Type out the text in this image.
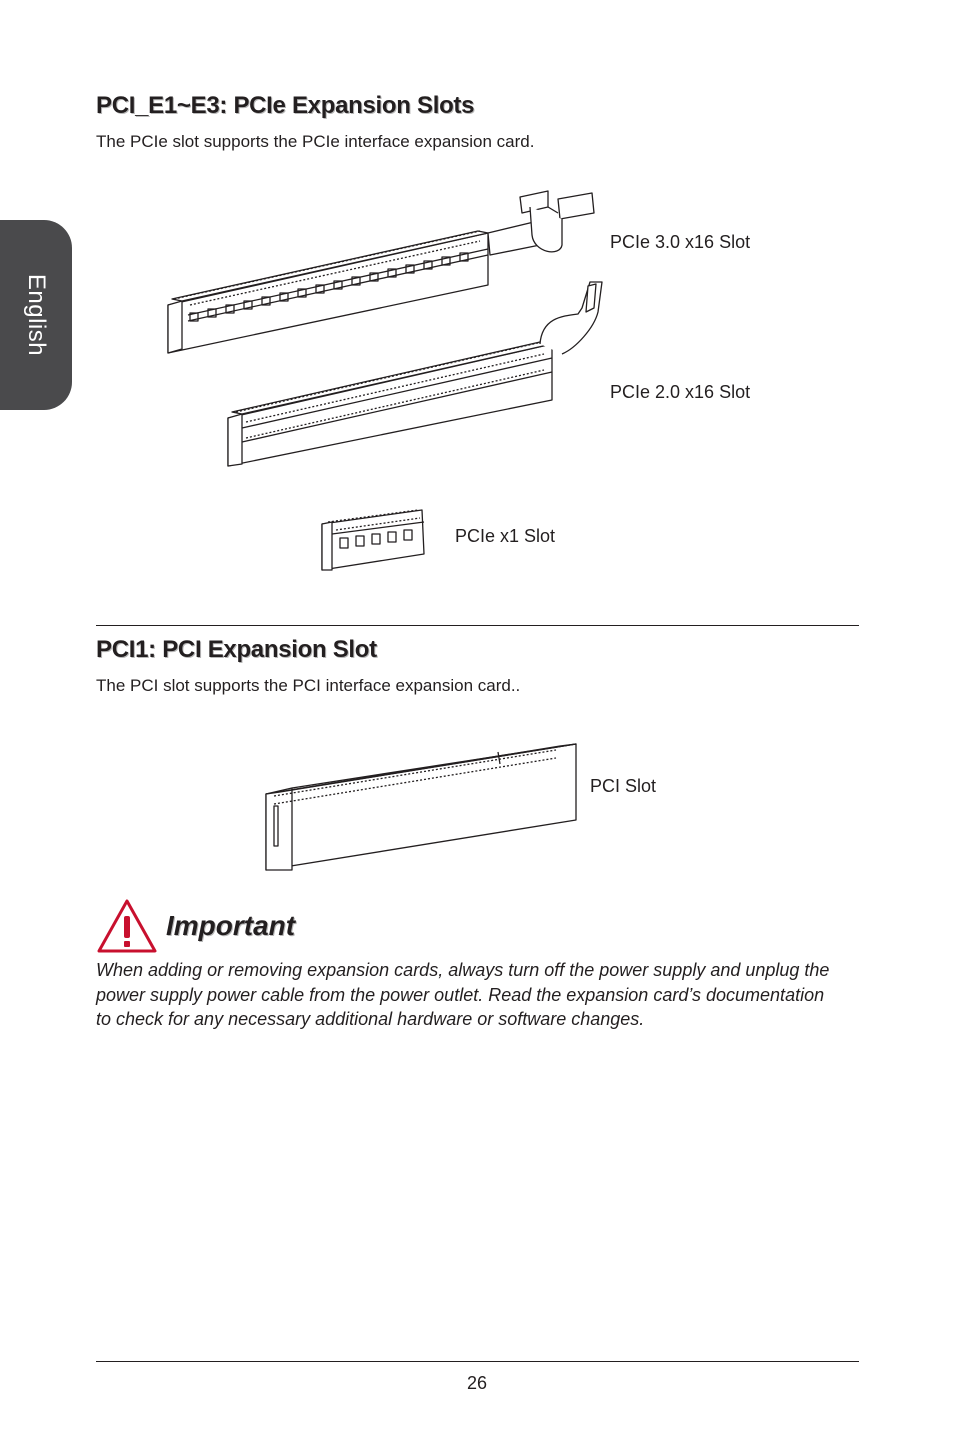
English
PCI_E1~E3: PCIe Expansion Slots

The PCIe slot supports the PCIe interface expansion card.

PCIe 3.0 x16 Slot
PCIe 2.0 x16 Slot
PCIe x1 Slot
PCI1: PCI Expansion Slot

The PCI slot supports the PCI interface expansion card..

PCI Slot
Important

When adding or removing expansion cards, always turn off the power supply and unplug the power supply power cable from the power outlet. Read the expansion card’s documentation to check for any necessary additional hardware or software changes.

26
